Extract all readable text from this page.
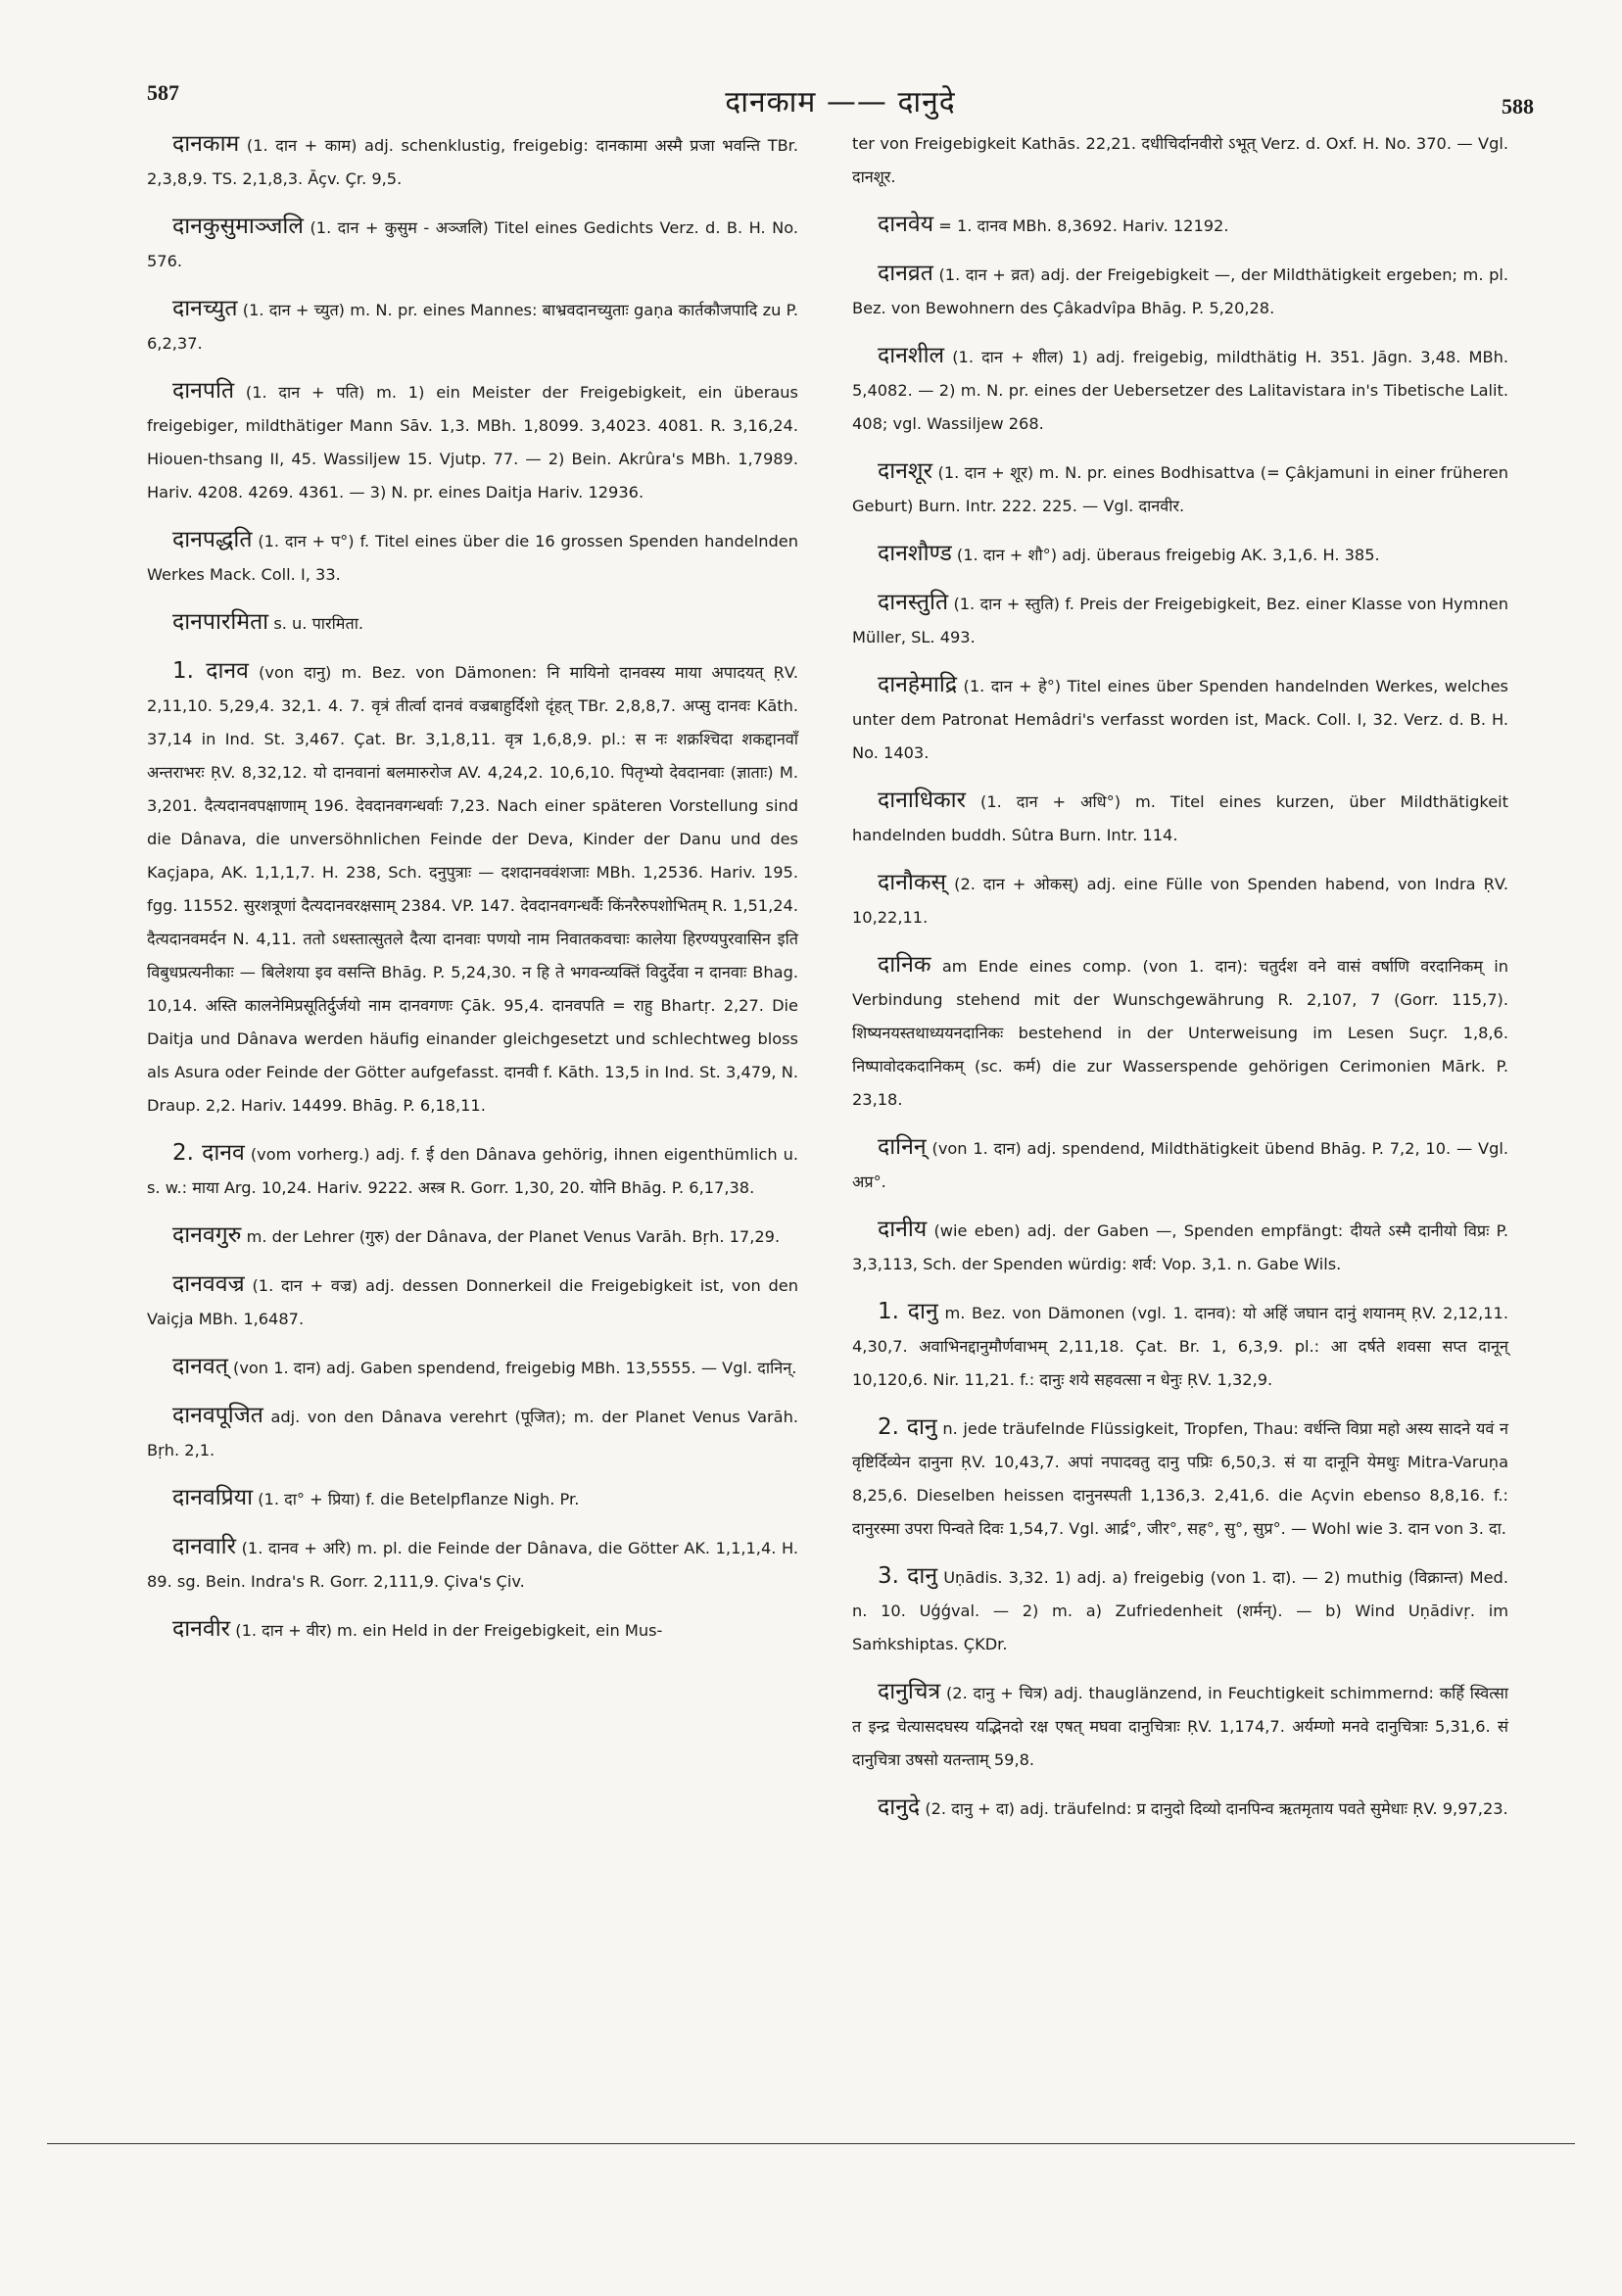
587	दानकाम —— दानुदे	588

दानकाम (1. दान + काम) adj. schenklustig, freigebig: दानकामा अस्मै प्रजा भवन्ति TBr. 2,3,8,9. TS. 2,1,8,3. Āçv. Çr. 9,5.

दानकुसुमाञ्जलि (1. दान + कुसुम - अञ्जलि) Titel eines Gedichts Verz. d. B. H. No. 576.

दानच्युत (1. दान + च्युत) m. N. pr. eines Mannes: बाभ्रवदानच्युताः gaṇa कार्तकौजपादि zu P. 6,2,37.

दानपति (1. दान + पति) m. 1) ein Meister der Freigebigkeit, ein überaus freigebiger, mildthätiger Mann Sāv. 1,3. MBh. 1,8099. 3,4023. 4081. R. 3,16,24. Hiouen-thsang II, 45. Wassiljew 15. Vjutp. 77. — 2) Bein. Akrûra's MBh. 1,7989. Hariv. 4208. 4269. 4361. — 3) N. pr. eines Daitja Hariv. 12936.

दानपद्धति (1. दान + प°) f. Titel eines über die 16 grossen Spenden handelnden Werkes Mack. Coll. I, 33.

दानपारमिता s. u. पारमिता.

1. दानव (von दानु) m. Bez. von Dämonen: नि मायिनो दानवस्य माया अपादयत् ṚV. 2,11,10. 5,29,4. 32,1. 4. 7. वृत्रं तीर्त्वा दानवं वज्रबाहुर्दिशो दृंहत् TBr. 2,8,8,7. अप्सु दानवः Kāth. 37,14 in Ind. St. 3,467. Çat. Br. 3,1,8,11. वृत्र 1,6,8,9. pl.: स नः शक्रश्चिदा शकद्दानवाँ अन्तराभरः ṚV. 8,32,12. यो दानवानां बलमारुरोज AV. 4,24,2. 10,6,10. पितृभ्यो देवदानवाः (ज्ञाताः) M. 3,201. दैत्यदानवपक्षाणाम् 196. देवदानवगन्धर्वाः 7,23. Nach einer späteren Vorstellung sind die Dânava, die unversöhnlichen Feinde der Deva, Kinder der Danu und des Kaçjapa, AK. 1,1,1,7. H. 238, Sch. दनुपुत्राः — दशदानववंशजाः MBh. 1,2536. Hariv. 195. fgg. 11552. सुरशत्रूणां दैत्यदानवरक्षसाम् 2384. VP. 147. देवदानवगन्धर्वैः किंनरैरुपशोभितम् R. 1,51,24. दैत्यदानवमर्दन N. 4,11. ततो ऽधस्तात्सुतले दैत्या दानवाः पणयो नाम निवातकवचाः कालेया हिरण्यपुरवासिन इति विबुधप्रत्यनीकाः — बिलेशया इव वसन्ति Bhāg. P. 5,24,30. न हि ते भगवन्व्यक्तिं विदुर्देवा न दानवाः Bhag. 10,14. अस्ति कालनेमिप्रसूतिर्दुर्जयो नाम दानवगणः Çāk. 95,4. दानवपति = राहु Bhartṛ. 2,27. Die Daitja und Dânava werden häufig einander gleichgesetzt und schlechtweg bloss als Asura oder Feinde der Götter aufgefasst. दानवी f. Kāth. 13,5 in Ind. St. 3,479, N. Draup. 2,2. Hariv. 14499. Bhāg. P. 6,18,11.

2. दानव (vom vorherg.) adj. f. ई den Dânava gehörig, ihnen eigenthümlich u. s. w.: माया Arg. 10,24. Hariv. 9222. अस्त्र R. Gorr. 1,30, 20. योनि Bhāg. P. 6,17,38.

दानवगुरु m. der Lehrer (गुरु) der Dânava, der Planet Venus Varāh. Bṛh. 17,29.

दानववज्र (1. दान + वज्र) adj. dessen Donnerkeil die Freigebigkeit ist, von den Vaiçja MBh. 1,6487.

दानवत् (von 1. दान) adj. Gaben spendend, freigebig MBh. 13,5555. — Vgl. दानिन्.

दानवपूजित adj. von den Dânava verehrt (पूजित); m. der Planet Venus Varāh. Bṛh. 2,1.

दानवप्रिया (1. दा° + प्रिया) f. die Betelpflanze Nigh. Pr.

दानवारि (1. दानव + अरि) m. pl. die Feinde der Dânava, die Götter AK. 1,1,1,4. H. 89. sg. Bein. Indra's R. Gorr. 2,111,9. Çiva's Çiv.

दानवीर (1. दान + वीर) m. ein Held in der Freigebigkeit, ein Mus-

ter von Freigebigkeit Kathās. 22,21. दधीचिर्दानवीरो ऽभूत् Verz. d. Oxf. H. No. 370. — Vgl. दानशूर.

दानवेय = 1. दानव MBh. 8,3692. Hariv. 12192.

दानव्रत (1. दान + व्रत) adj. der Freigebigkeit —, der Mildthätigkeit ergeben; m. pl. Bez. von Bewohnern des Çâkadvîpa Bhāg. P. 5,20,28.

दानशील (1. दान + शील) 1) adj. freigebig, mildthätig H. 351. Jāgn. 3,48. MBh. 5,4082. — 2) m. N. pr. eines der Uebersetzer des Lalitavistara in's Tibetische Lalit. 408; vgl. Wassiljew 268.

दानशूर (1. दान + शूर) m. N. pr. eines Bodhisattva (= Çâkjamuni in einer früheren Geburt) Burn. Intr. 222. 225. — Vgl. दानवीर.

दानशौण्ड (1. दान + शौ°) adj. überaus freigebig AK. 3,1,6. H. 385.

दानस्तुति (1. दान + स्तुति) f. Preis der Freigebigkeit, Bez. einer Klasse von Hymnen Müller, SL. 493.

दानहेमाद्रि (1. दान + हे°) Titel eines über Spenden handelnden Werkes, welches unter dem Patronat Hemâdri's verfasst worden ist, Mack. Coll. I, 32. Verz. d. B. H. No. 1403.

दानाधिकार (1. दान + अधि°) m. Titel eines kurzen, über Mildthätigkeit handelnden buddh. Sûtra Burn. Intr. 114.

दानौकस् (2. दान + ओकस्) adj. eine Fülle von Spenden habend, von Indra ṚV. 10,22,11.

दानिक am Ende eines comp. (von 1. दान): चतुर्दश वने वासं वर्षाणि वरदानिकम् in Verbindung stehend mit der Wunschgewährung R. 2,107, 7 (Gorr. 115,7). शिष्यनयस्तथाध्ययनदानिकः bestehend in der Unterweisung im Lesen Suçr. 1,8,6. निष्पावोदकदानिकम् (sc. कर्म) die zur Wasserspende gehörigen Cerimonien Mārk. P. 23,18.

दानिन् (von 1. दान) adj. spendend, Mildthätigkeit übend Bhāg. P. 7,2, 10. — Vgl. अप्र°.

दानीय (wie eben) adj. der Gaben —, Spenden empfängt: दीयते ऽस्मै दानीयो विप्रः P. 3,3,113, Sch. der Spenden würdig: शर्व: Vop. 3,1. n. Gabe Wils.

1. दानु m. Bez. von Dämonen (vgl. 1. दानव): यो अहिं जघान दानुं शयानम् ṚV. 2,12,11. 4,30,7. अवाभिनद्दानुमौर्णवाभम् 2,11,18. Çat. Br. 1, 6,3,9. pl.: आ दर्षते शवसा सप्त दानून् 10,120,6. Nir. 11,21. f.: दानुः शये सहवत्सा न धेनुः ṚV. 1,32,9.

2. दानु n. jede träufelnde Flüssigkeit, Tropfen, Thau: वर्धन्ति विप्रा महो अस्य सादने यवं न वृष्टिर्दिव्येन दानुना ṚV. 10,43,7. अपां नपादवतु दानु पप्रिः 6,50,3. सं या दानूनि येमथुः Mitra-Varuṇa 8,25,6. Dieselben heissen दानुनस्पती 1,136,3. 2,41,6. die Açvin ebenso 8,8,16. f.: दानुरस्मा उपरा पिन्वते दिवः 1,54,7. Vgl. आर्द्र°, जीर°, सह°, सु°, सुप्र°. — Wohl wie 3. दान von 3. दा.

3. दानु Uṇādis. 3,32. 1) adj. a) freigebig (von 1. दा). — 2) muthig (विक्रान्त) Med. n. 10. Uǵǵval. — 2) m. a) Zufriedenheit (शर्मन्). — b) Wind Uṇādivṛ. im Saṁkshiptas. ÇKDr.

दानुचित्र (2. दानु + चित्र) adj. thauglänzend, in Feuchtigkeit schimmernd: कर्हि स्वित्सा त इन्द्र चेत्यासदघस्य यद्भिनदो रक्ष एषत् मघवा दानुचित्राः ṚV. 1,174,7. अर्यम्णो मनवे दानुचित्राः 5,31,6. सं दानुचित्रा उषसो यतन्ताम् 59,8.

दानुदे (2. दानु + दा) adj. träufelnd: प्र दानुदो दिव्यो दानपिन्व ऋतमृताय पवते सुमेधाः ṚV. 9,97,23.
